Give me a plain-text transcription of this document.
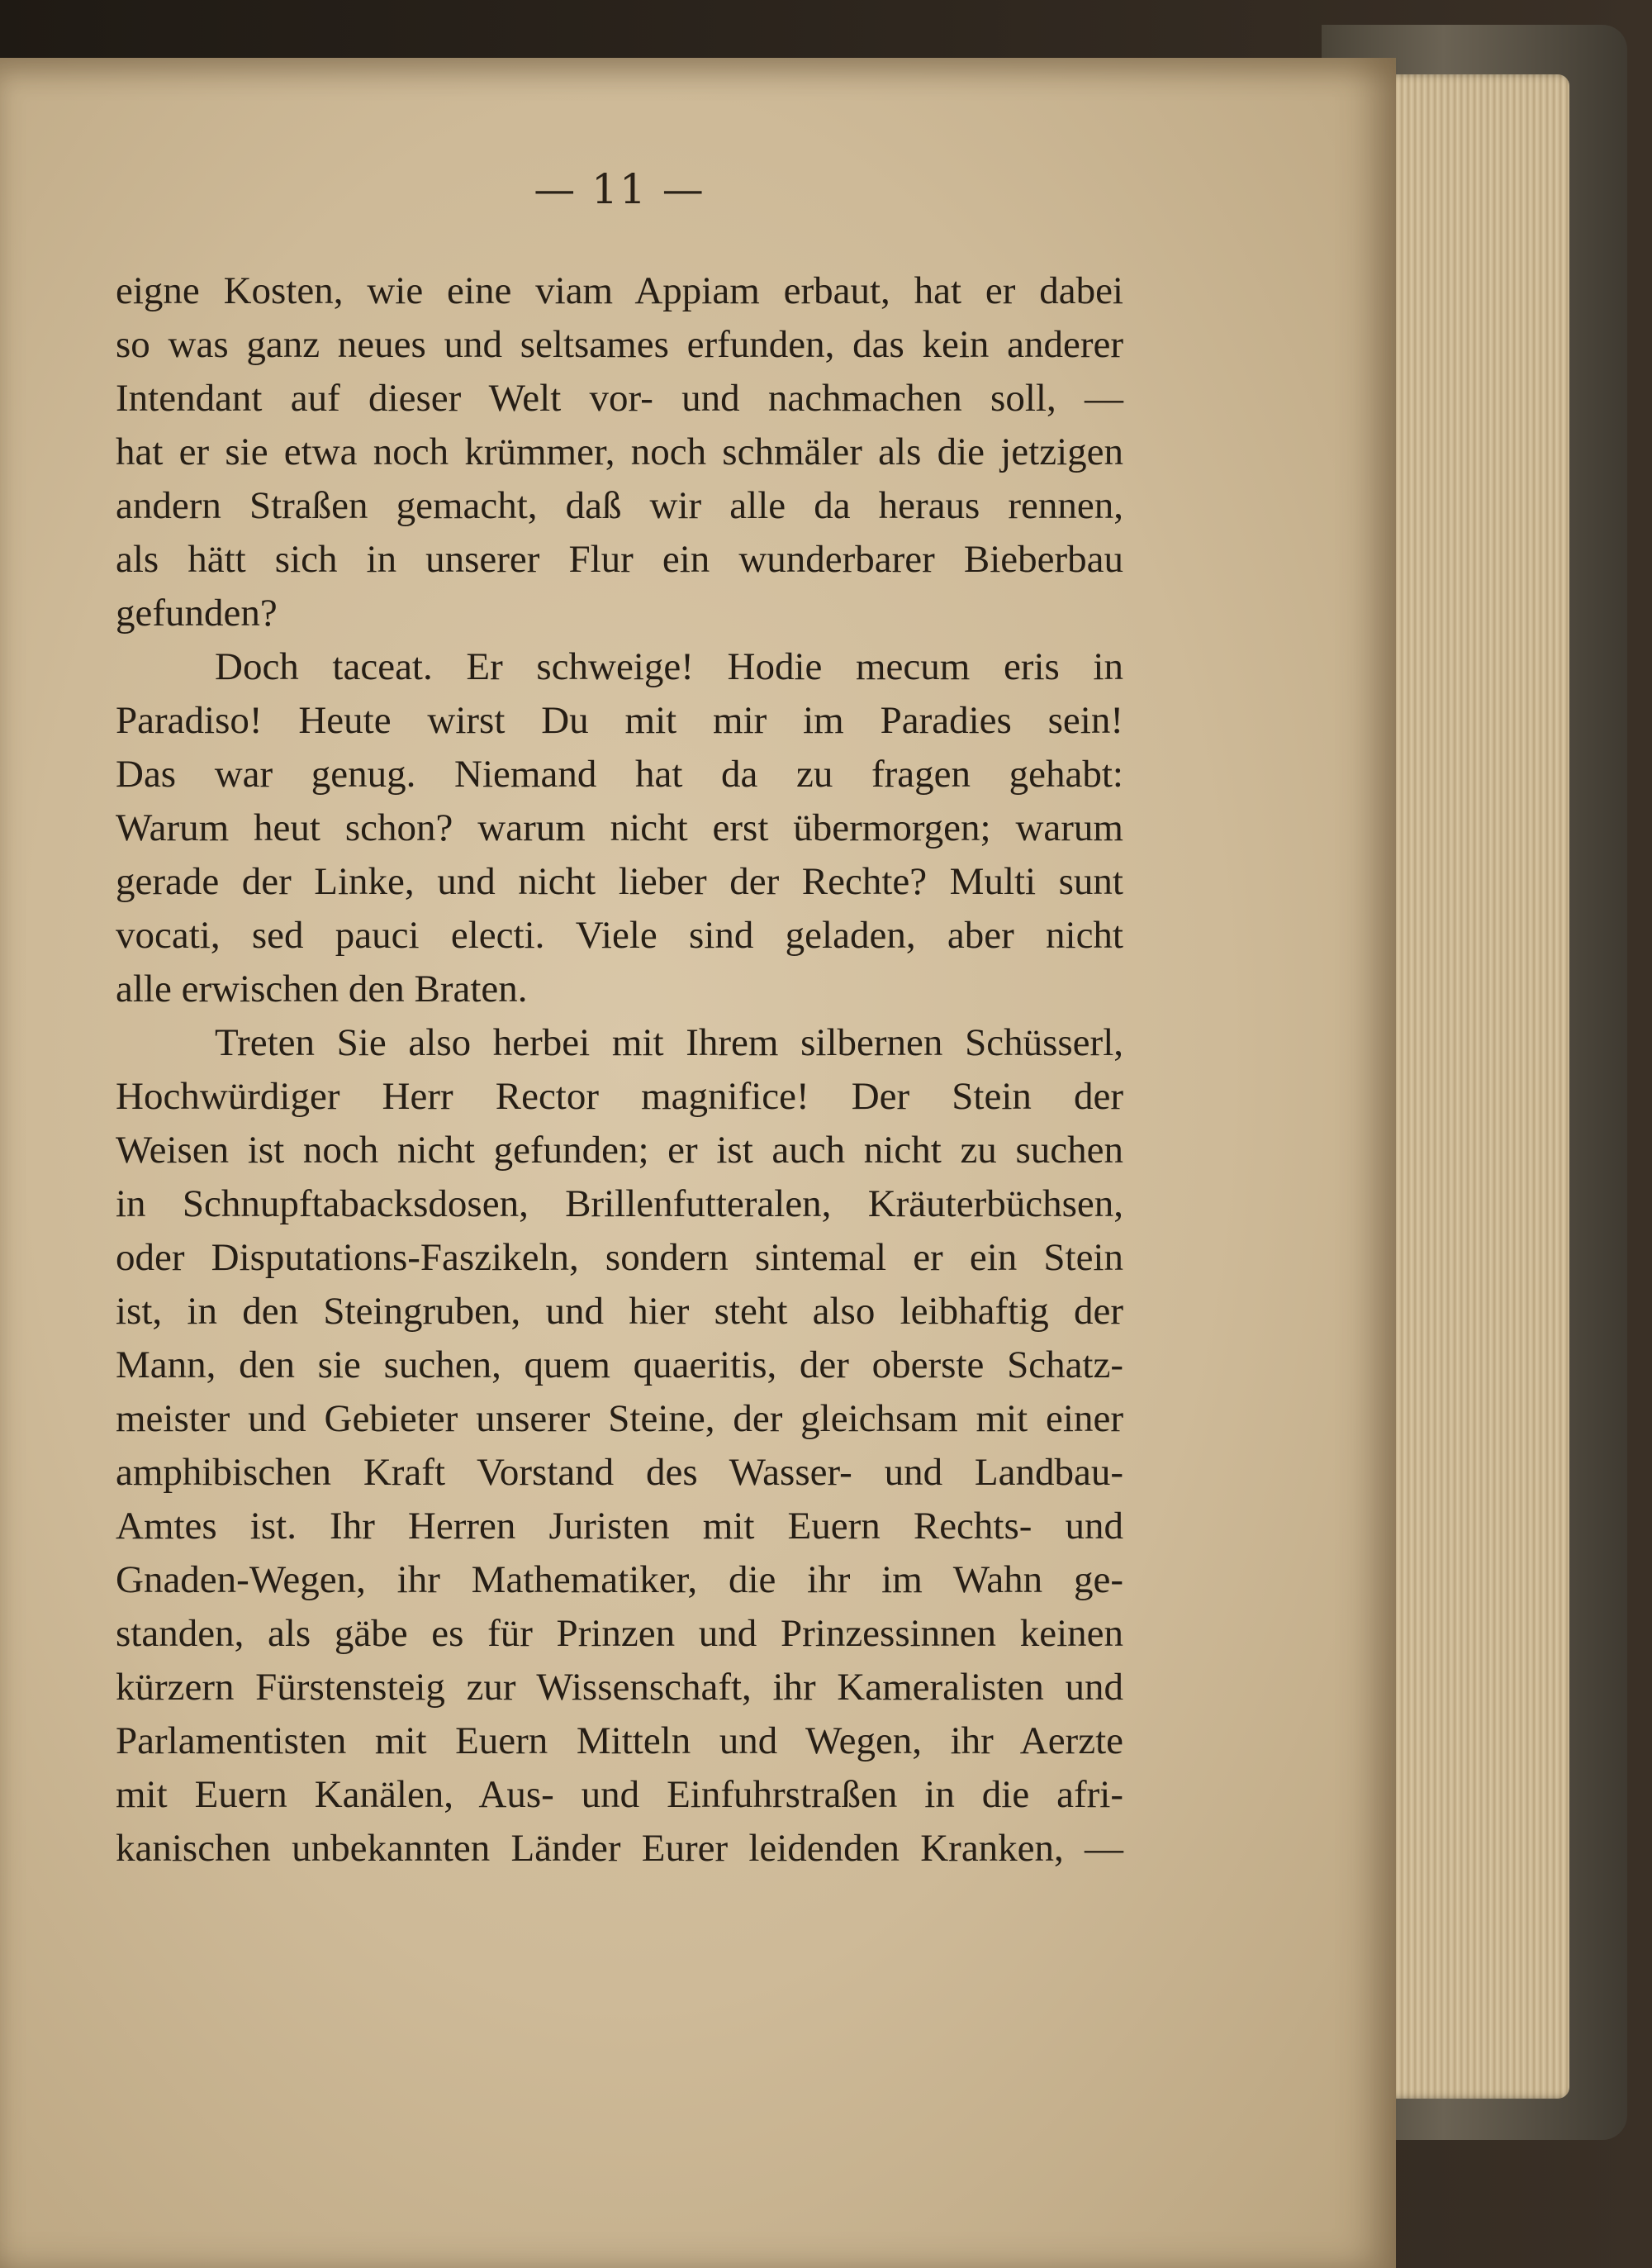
— 11 —
eigne Kosten, wie eine viam Appiam erbaut, hat er dabei
so was ganz neues und seltsames erfunden, das kein anderer
Intendant auf dieser Welt vor- und nachmachen soll, —
hat er sie etwa noch krümmer, noch schmäler als die jetzigen
andern Straßen gemacht, daß wir alle da heraus rennen,
als hätt sich in unserer Flur ein wunderbarer Bieberbau
gefunden?
Doch taceat. Er schweige! Hodie mecum eris in
Paradiso! Heute wirst Du mit mir im Paradies sein!
Das war genug. Niemand hat da zu fragen gehabt:
Warum heut schon? warum nicht erst übermorgen; warum
gerade der Linke, und nicht lieber der Rechte? Multi sunt
vocati, sed pauci electi. Viele sind geladen, aber nicht
alle erwischen den Braten.
Treten Sie also herbei mit Ihrem silbernen Schüsserl,
Hochwürdiger Herr Rector magnifice! Der Stein der
Weisen ist noch nicht gefunden; er ist auch nicht zu suchen
in Schnupftabacksdosen, Brillenfutteralen, Kräuterbüchsen,
oder Disputations-Faszikeln, sondern sintemal er ein Stein
ist, in den Steingruben, und hier steht also leibhaftig der
Mann, den sie suchen, quem quaeritis, der oberste Schatz-
meister und Gebieter unserer Steine, der gleichsam mit einer
amphibischen Kraft Vorstand des Wasser- und Landbau-
Amtes ist. Ihr Herren Juristen mit Euern Rechts- und
Gnaden-Wegen, ihr Mathematiker, die ihr im Wahn ge-
standen, als gäbe es für Prinzen und Prinzessinnen keinen
kürzern Fürstensteig zur Wissenschaft, ihr Kameralisten und
Parlamentisten mit Euern Mitteln und Wegen, ihr Aerzte
mit Euern Kanälen, Aus- und Einfuhrstraßen in die afri-
kanischen unbekannten Länder Eurer leidenden Kranken, —
